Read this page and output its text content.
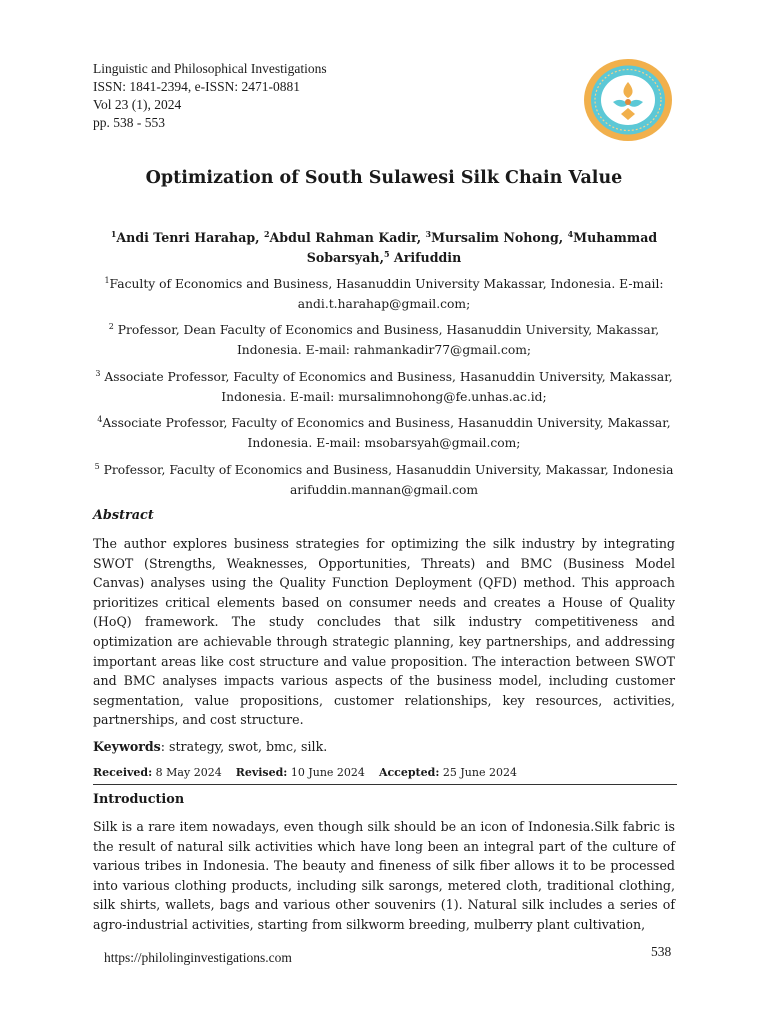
Linguistic and Philosophical Investigations
ISSN: 1841-2394, e-ISSN: 2471-0881
Vol 23 (1), 2024
pp. 538 - 553
Optimization of South Sulawesi Silk Chain Value
$^1$Andi Tenri Harahap, $^2$Abdul Rahman Kadir, $^3$Mursalim Nohong, $^4$Muhammad Sobarsyah,$^5$ Arifuddin
$^1$Faculty of Economics and Business, Hasanuddin University Makassar, Indonesia. E-mail: andi.t.harahap@gmail.com;
$^2$ Professor, Dean Faculty of Economics and Business, Hasanuddin University, Makassar, Indonesia. E-mail: rahmankadir77@gmail.com;
$^3$ Associate Professor, Faculty of Economics and Business, Hasanuddin University, Makassar, Indonesia. E-mail: mursalimnohong@fe.unhas.ac.id;
$^4$Associate Professor, Faculty of Economics and Business, Hasanuddin University, Makassar, Indonesia. E-mail: msobarsyah@gmail.com;
$^5$ Professor, Faculty of Economics and Business, Hasanuddin University, Makassar, Indonesia arifuddin.mannan@gmail.com
Abstract
The author explores business strategies for optimizing the silk industry by integrating SWOT (Strengths, Weaknesses, Opportunities, Threats) and BMC (Business Model Canvas) analyses using the Quality Function Deployment (QFD) method. This approach prioritizes critical elements based on consumer needs and creates a House of Quality (HoQ) framework. The study concludes that silk industry competitiveness and optimization are achievable through strategic planning, key partnerships, and addressing important areas like cost structure and value proposition. The interaction between SWOT and BMC analyses impacts various aspects of the business model, including customer segmentation, value propositions, customer relationships, key resources, activities, partnerships, and cost structure.
Keywords: strategy, swot, bmc, silk.
Received: 8 May 2024 Revised: 10 June 2024 Accepted: 25 June 2024
Introduction
Silk is a rare item nowadays, even though silk should be an icon of Indonesia.Silk fabric is the result of natural silk activities which have long been an integral part of the culture of various tribes in Indonesia. The beauty and fineness of silk fiber allows it to be processed into various clothing products, including silk sarongs, metered cloth, traditional clothing, silk shirts, wallets, bags and various other souvenirs (1). Natural silk includes a series of agro-industrial activities, starting from silkworm breeding, mulberry plant cultivation,
https://philolinginvestigations.com	538
